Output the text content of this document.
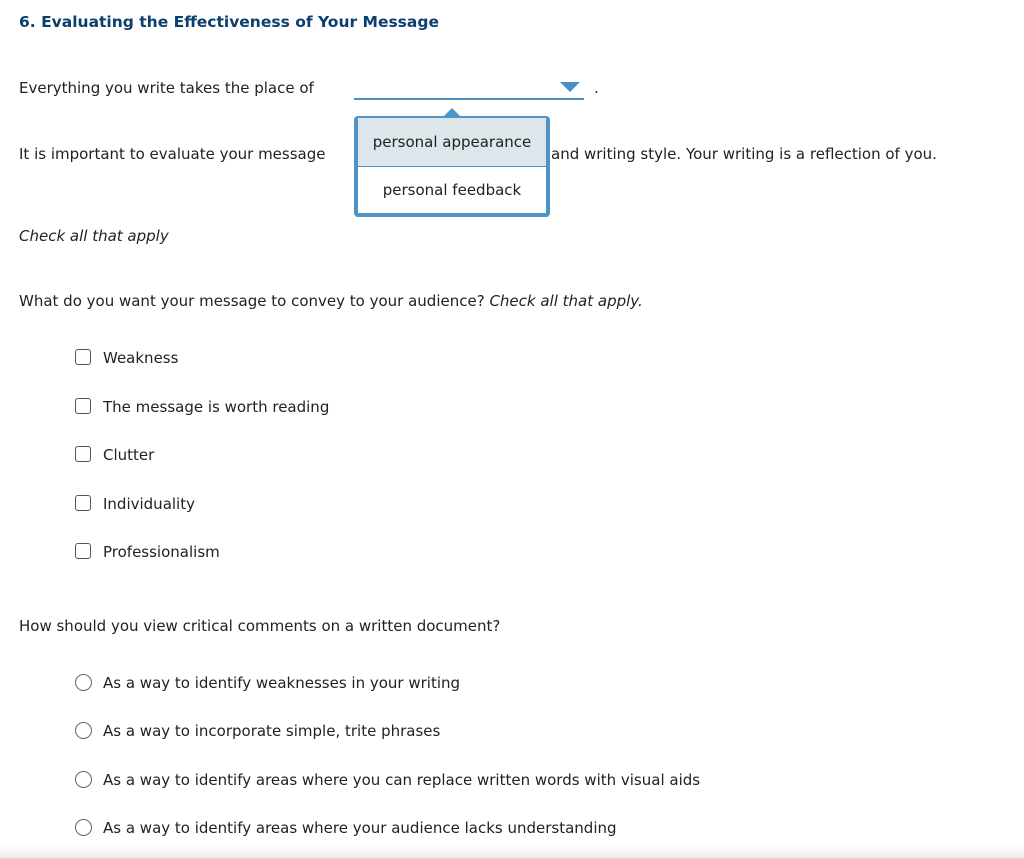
6. Evaluating the Effectiveness of Your Message
Everything you write takes the place of	.
It is important to evaluate your message	and writing style. Your writing is a reflection of you.
personal appearance
personal feedback
Check all that apply
What do you want your message to convey to your audience? Check all that apply.
Weakness
The message is worth reading
Clutter
Individuality
Professionalism
How should you view critical comments on a written document?
As a way to identify weaknesses in your writing
As a way to incorporate simple, trite phrases
As a way to identify areas where you can replace written words with visual aids
As a way to identify areas where your audience lacks understanding
